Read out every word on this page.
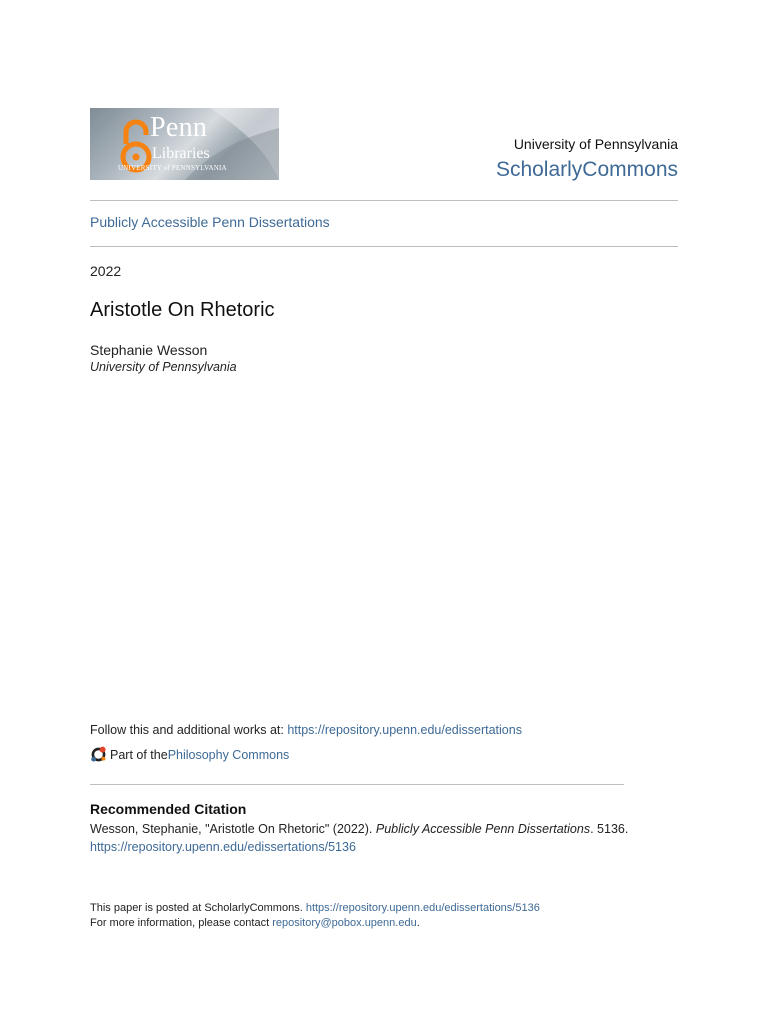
Penn
Libraries
UNIVERSITY of PENNSYLVANIA
University of Pennsylvania
ScholarlyCommons
Publicly Accessible Penn Dissertations
2022
Aristotle On Rhetoric
Stephanie Wesson
University of Pennsylvania
Follow this and additional works at: https://repository.upenn.edu/edissertations
Part of the Philosophy Commons
Recommended Citation
Wesson, Stephanie, "Aristotle On Rhetoric" (2022). Publicly Accessible Penn Dissertations. 5136.
https://repository.upenn.edu/edissertations/5136
This paper is posted at ScholarlyCommons. https://repository.upenn.edu/edissertations/5136
For more information, please contact repository@pobox.upenn.edu.
